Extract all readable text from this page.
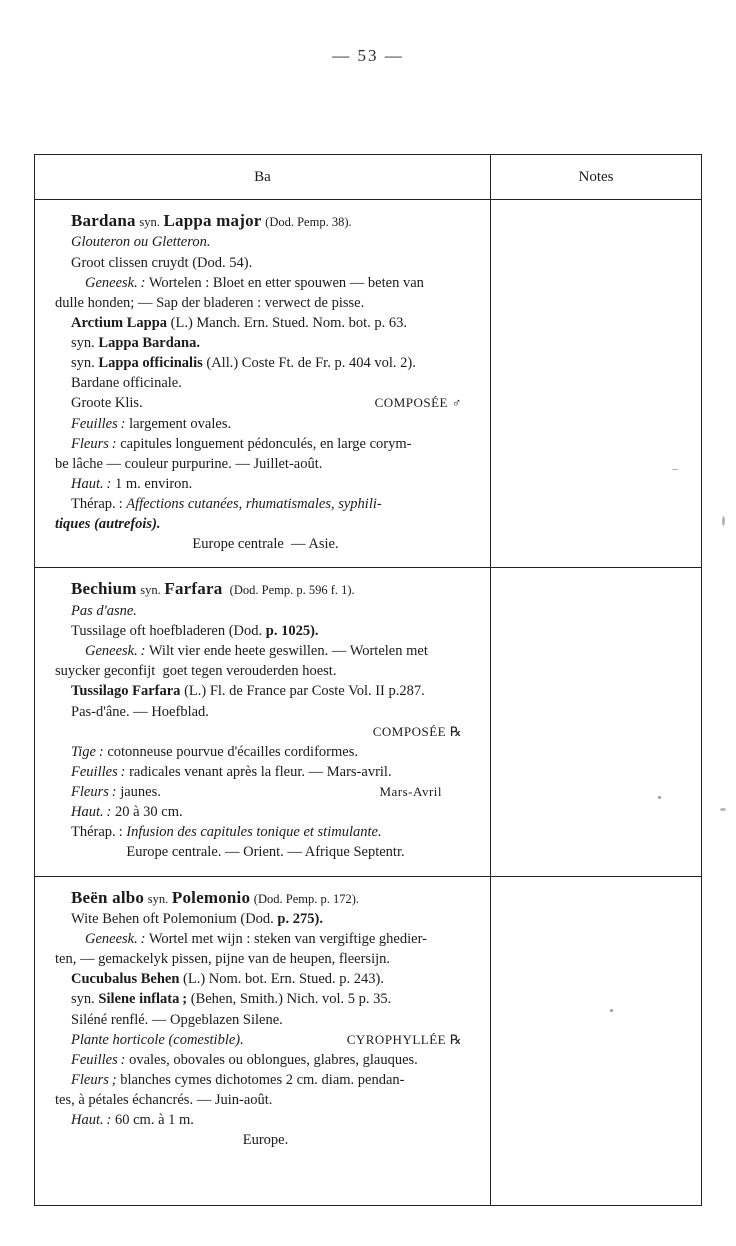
— 53 —
Ba	Notes
Bardana syn. Lappa major (Dod. Pemp. 38).
Glouteron ou Gletteron.
Groot clissen cruydt (Dod. 54).
Geneesk. : Wortelen : Bloet en etter spouwen — beten van
dulle honden; — Sap der bladeren : verwect de pisse.
Arctium Lappa (L.) Manch. Ern. Stued. Nom. bot. p. 63.
syn. Lappa Bardana.
syn. Lappa officinalis (All.) Coste Ft. de Fr. p. 404 vol. 2).
Bardane officinale.
Groote Klis.	COMPOSÉE ♂
Feuilles : largement ovales.
Fleurs : capitules longuement pédonculés, en large corym-
be lâche — couleur purpurine. — Juillet-août.
Haut. : 1 m. environ.
Thérap. : Affections cutanées, rhumatismales, syphili-
tiques (autrefois).
Europe centrale  — Asie.
−
Bechium syn. Farfara (Dod. Pemp. p. 596 f. 1).
Pas d'asne.
Tussilage oft hoefbladeren (Dod. p. 1025).
Geneesk. : Wilt vier ende heete geswillen. — Wortelen met
suycker geconfijt  goet tegen verouderden hoest.
Tussilago Farfara (L.) Fl. de France par Coste Vol. II p.287.
Pas-d'âne. — Hoefblad.
COMPOSÉE ℞

Tige : cotonneuse pourvue d'écailles cordiformes.
Feuilles : radicales venant après la fleur. — Mars-avril.
Fleurs : jaunes.	Mars-Avril
Haut. : 20 à 30 cm.
Thérap. : Infusion des capitules tonique et stimulante.
Europe centrale. — Orient. — Afrique Septentr.
Beën albo syn. Polemonio (Dod. Pemp. p. 172).
Wite Behen oft Polemonium (Dod. p. 275).
Geneesk. : Wortel met wijn : steken van vergiftige ghedier-
ten, — gemackelyk pissen, pijne van de heupen, fleersijn.
Cucubalus Behen (L.) Nom. bot. Ern. Stued. p. 243).
syn. Silene inflata ; (Behen, Smith.) Nich. vol. 5 p. 35.
Siléné renflé. — Opgeblazen Silene.
Plante horticole (comestible).	CYROPHYLLÉE ℞
Feuilles : ovales, obovales ou oblongues, glabres, glauques.
Fleurs ; blanches cymes dichotomes 2 cm. diam. pendan-
tes, à pétales échancrés. — Juin-août.
Haut. : 60 cm. à 1 m.
Europe.
